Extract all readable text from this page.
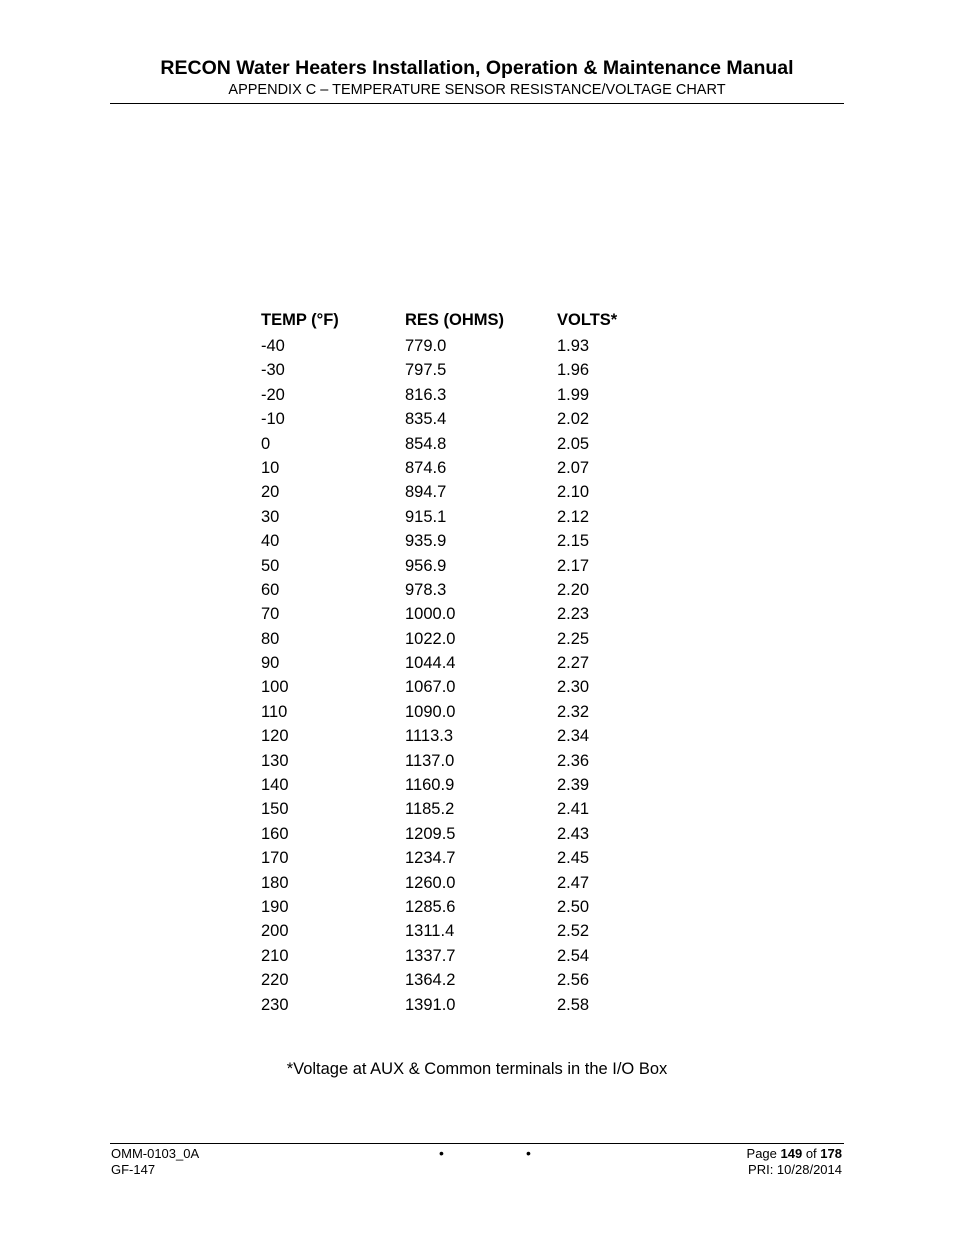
RECON Water Heaters Installation, Operation & Maintenance Manual
APPENDIX C – TEMPERATURE SENSOR RESISTANCE/VOLTAGE CHART
TEMP (°F)	RES (OHMS)	VOLTS*
-40	779.0	1.93
-30	797.5	1.96
-20	816.3	1.99
-10	835.4	2.02
0	854.8	2.05
10	874.6	2.07
20	894.7	2.10
30	915.1	2.12
40	935.9	2.15
50	956.9	2.17
60	978.3	2.20
70	1000.0	2.23
80	1022.0	2.25
90	1044.4	2.27
100	1067.0	2.30
110	1090.0	2.32
120	1113.3	2.34
130	1137.0	2.36
140	1160.9	2.39
150	1185.2	2.41
160	1209.5	2.43
170	1234.7	2.45
180	1260.0	2.47
190	1285.6	2.50
200	1311.4	2.52
210	1337.7	2.54
220	1364.2	2.56
230	1391.0	2.58
*Voltage at AUX & Common terminals in the I/O Box
OMM-0103_0A
GF-147
•	•	Page 149 of 178
PRI: 10/28/2014
